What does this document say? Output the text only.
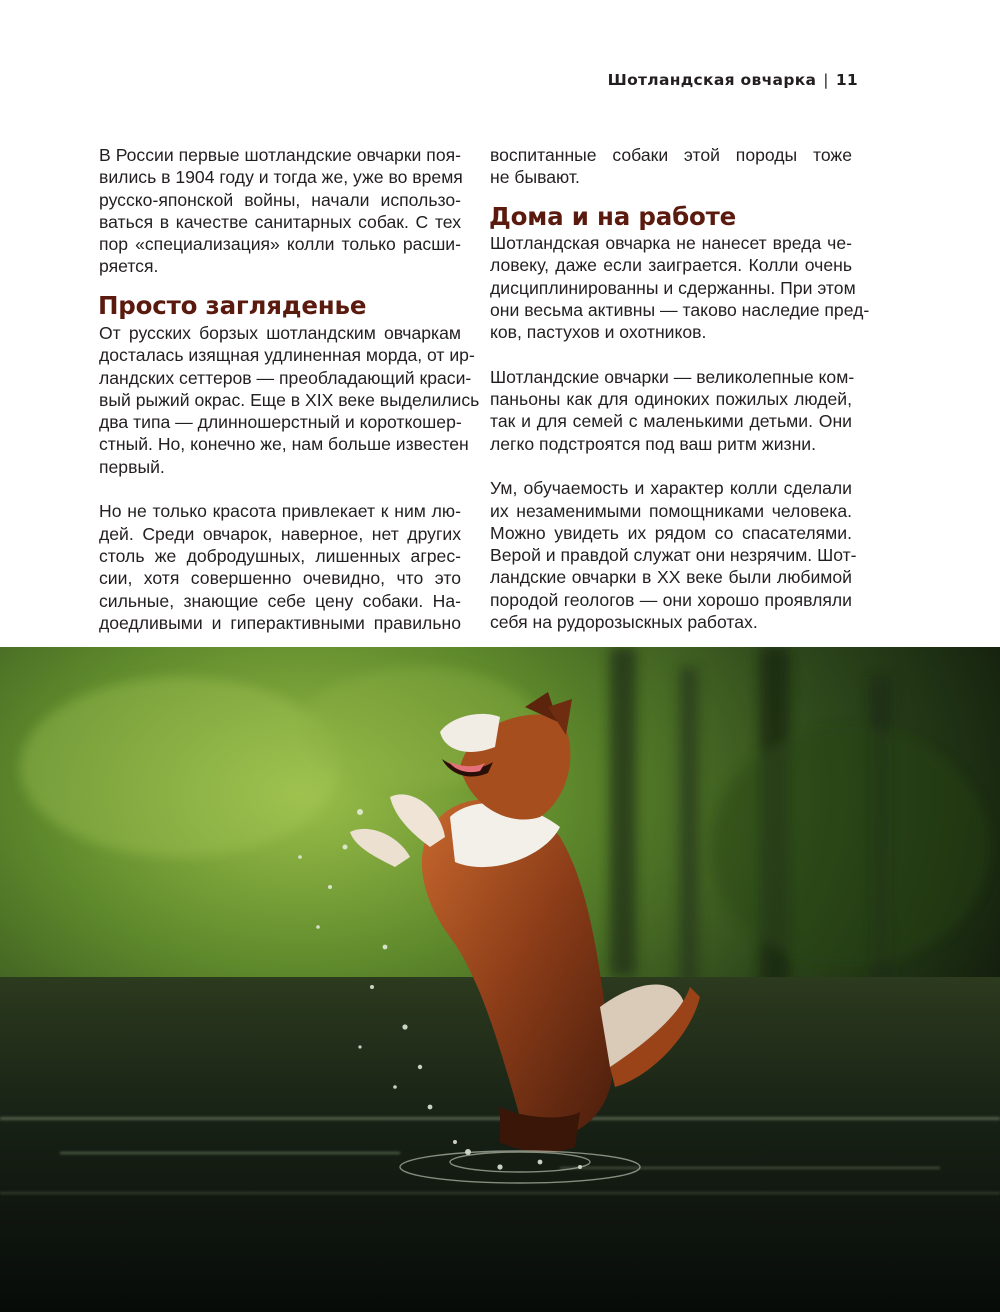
Шотландская овчарка | 11

В России первые шотландские овчарки поя-
вились в 1904 году и тогда же, уже во время
русско-японской войны, начали использо-
ваться в качестве санитарных собак. С тех
пор «специализация» колли только расши-
ряется.

Просто загляденье

От русских борзых шотландским овчаркам
досталась изящная удлиненная морда, от ир-
ландских сеттеров — преобладающий краси-
вый рыжий окрас. Еще в XIX веке выделились
два типа — длинношерстный и короткошер-
стный. Но, конечно же, нам больше известен
первый.

Но не только красота привлекает к ним лю-
дей. Среди овчарок, наверное, нет других
столь же добродушных, лишенных агрес-
сии, хотя совершенно очевидно, что это
сильные, знающие себе цену собаки. На-
доедливыми и гиперактивными правильно

воспитанные собаки этой породы тоже
не бывают.

Дома и на работе

Шотландская овчарка не нанесет вреда че-
ловеку, даже если заиграется. Колли очень
дисциплинированны и сдержанны. При этом
они весьма активны — таково наследие пред-
ков, пастухов и охотников.

Шотландские овчарки — великолепные ком-
паньоны как для одиноких пожилых людей,
так и для семей с маленькими детьми. Они
легко подстроятся под ваш ритм жизни.

Ум, обучаемость и характер колли сделали
их незаменимыми помощниками человека.
Можно увидеть их рядом со спасателями.
Верой и правдой служат они незрячим. Шот-
ландские овчарки в XX веке были любимой
породой геологов — они хорошо проявляли
себя на рудорозыскных работах.
